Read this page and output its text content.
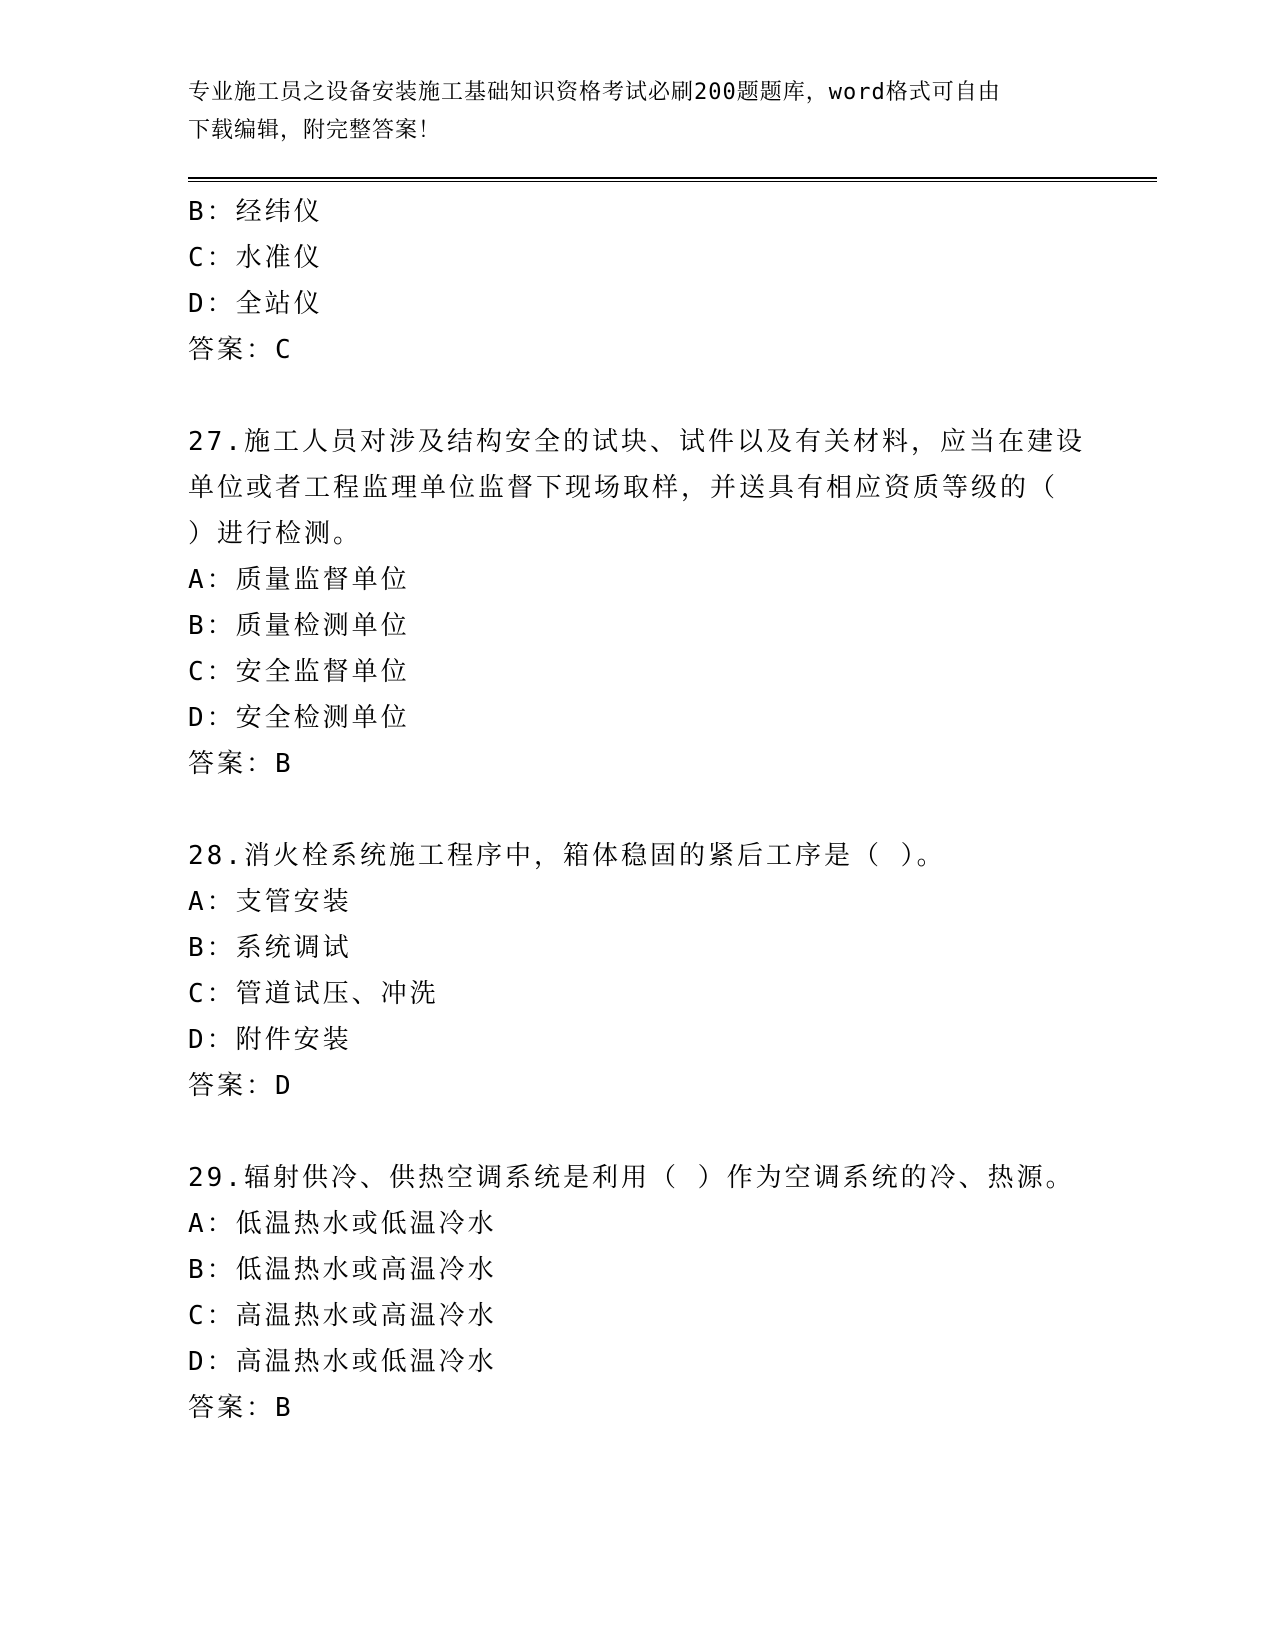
专业施工员之设备安装施工基础知识资格考试必刷200题题库，word格式可自由
下载编辑，附完整答案！
B：经纬仪
C：水准仪
D：全站仪
答案：C
27.施工人员对涉及结构安全的试块、试件以及有关材料，应当在建设
单位或者工程监理单位监督下现场取样，并送具有相应资质等级的（
）进行检测。
A：质量监督单位
B：质量检测单位
C：安全监督单位
D：安全检测单位
答案：B
28.消火栓系统施工程序中，箱体稳固的紧后工序是（ ）。
A：支管安装
B：系统调试
C：管道试压、冲洗
D：附件安装
答案：D
29.辐射供冷、供热空调系统是利用（ ）作为空调系统的冷、热源。
A：低温热水或低温冷水
B：低温热水或高温冷水
C：高温热水或高温冷水
D：高温热水或低温冷水
答案：B
